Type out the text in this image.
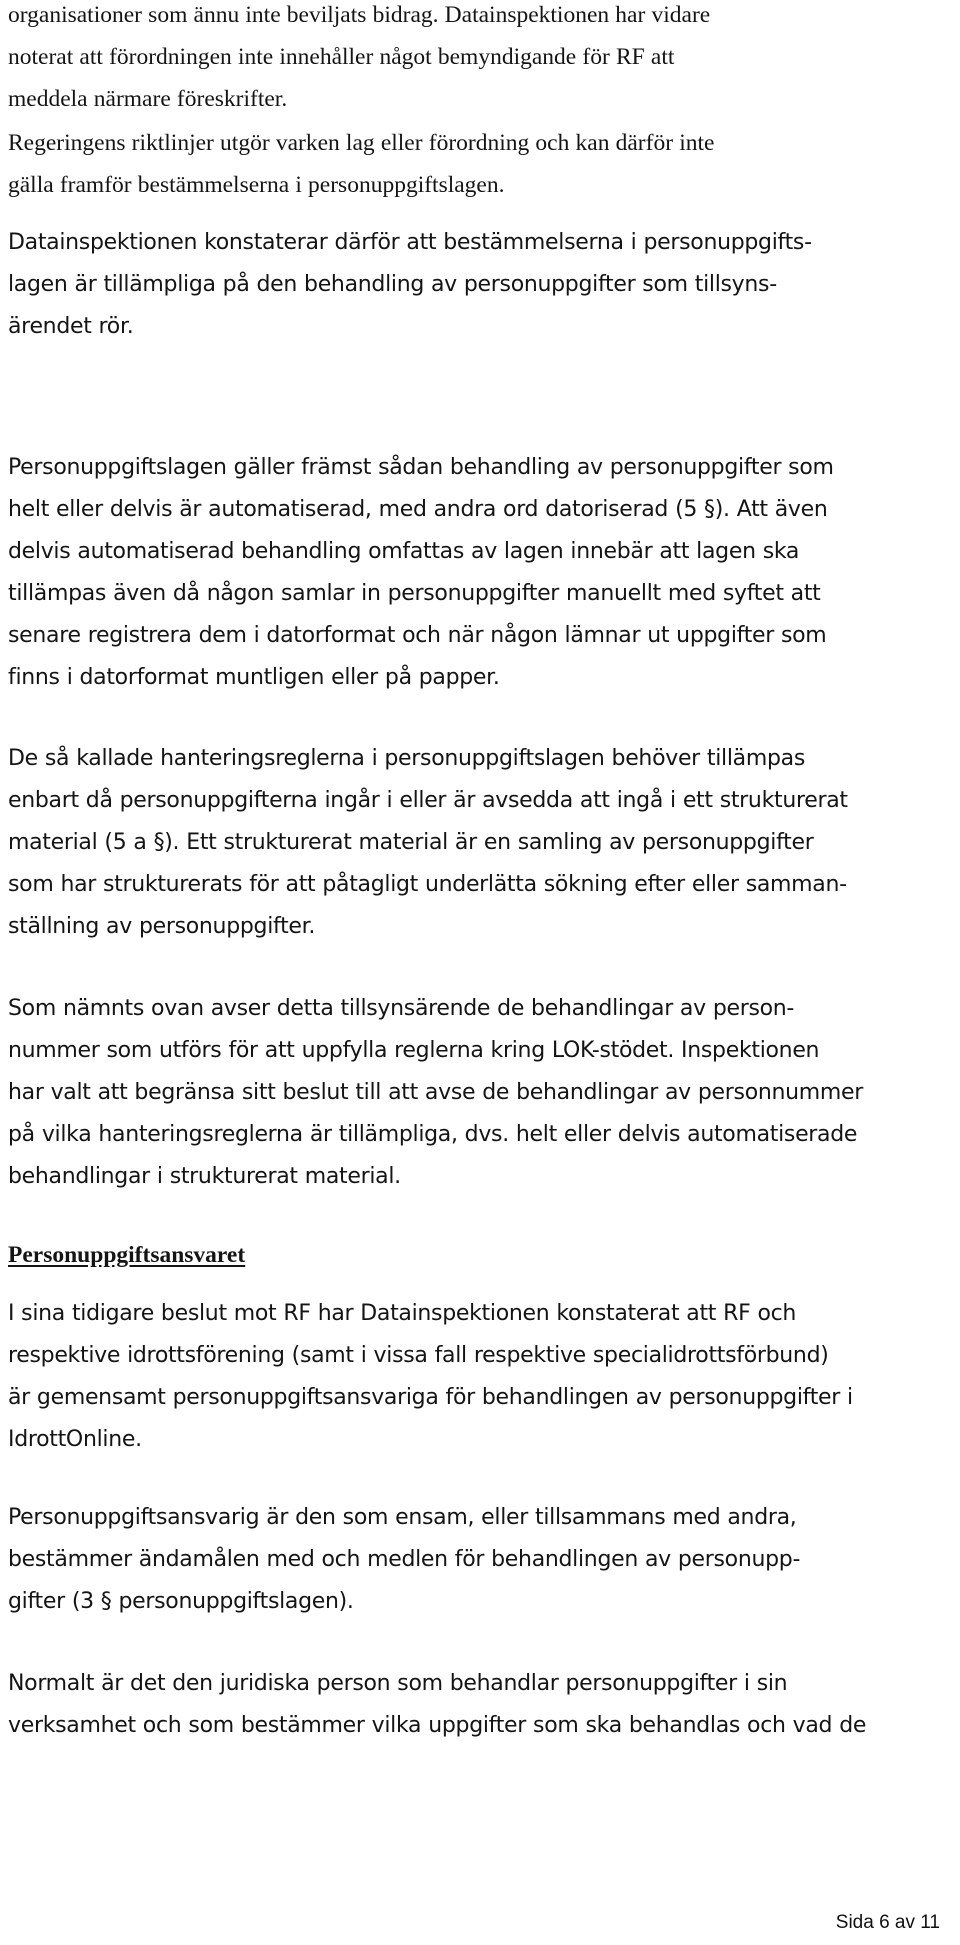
organisationer som ännu inte beviljats bidrag. Datainspektionen har vidare
noterat att förordningen inte innehåller något bemyndigande för RF att
meddela närmare föreskrifter.

Regeringens riktlinjer utgör varken lag eller förordning och kan därför inte
gälla framför bestämmelserna i personuppgiftslagen.

Datainspektionen konstaterar därför att bestämmelserna i personuppgifts-
lagen är tillämpliga på den behandling av personuppgifter som tillsyns-
ärendet rör.

Personuppgiftslagen gäller främst sådan behandling av personuppgifter som
helt eller delvis är automatiserad, med andra ord datoriserad (5 §). Att även
delvis automatiserad behandling omfattas av lagen innebär att lagen ska
tillämpas även då någon samlar in personuppgifter manuellt med syftet att
senare registrera dem i datorformat och när någon lämnar ut uppgifter som
finns i datorformat muntligen eller på papper.

De så kallade hanteringsreglerna i personuppgiftslagen behöver tillämpas
enbart då personuppgifterna ingår i eller är avsedda att ingå i ett strukturerat
material (5 a §). Ett strukturerat material är en samling av personuppgifter
som har strukturerats för att påtagligt underlätta sökning efter eller samman-
ställning av personuppgifter.

Som nämnts ovan avser detta tillsynsärende de behandlingar av person-
nummer som utförs för att uppfylla reglerna kring LOK-stödet. Inspektionen
har valt att begränsa sitt beslut till att avse de behandlingar av personnummer
på vilka hanteringsreglerna är tillämpliga, dvs. helt eller delvis automatiserade
behandlingar i strukturerat material.

Personuppgiftsansvaret

I sina tidigare beslut mot RF har Datainspektionen konstaterat att RF och
respektive idrottsförening (samt i vissa fall respektive specialidrottsförbund)
är gemensamt personuppgiftsansvariga för behandlingen av personuppgifter i
IdrottOnline.

Personuppgiftsansvarig är den som ensam, eller tillsammans med andra,
bestämmer ändamålen med och medlen för behandlingen av personupp-
gifter (3 § personuppgiftslagen).

Normalt är det den juridiska person som behandlar personuppgifter i sin
verksamhet och som bestämmer vilka uppgifter som ska behandlas och vad de

Sida 6 av 11
